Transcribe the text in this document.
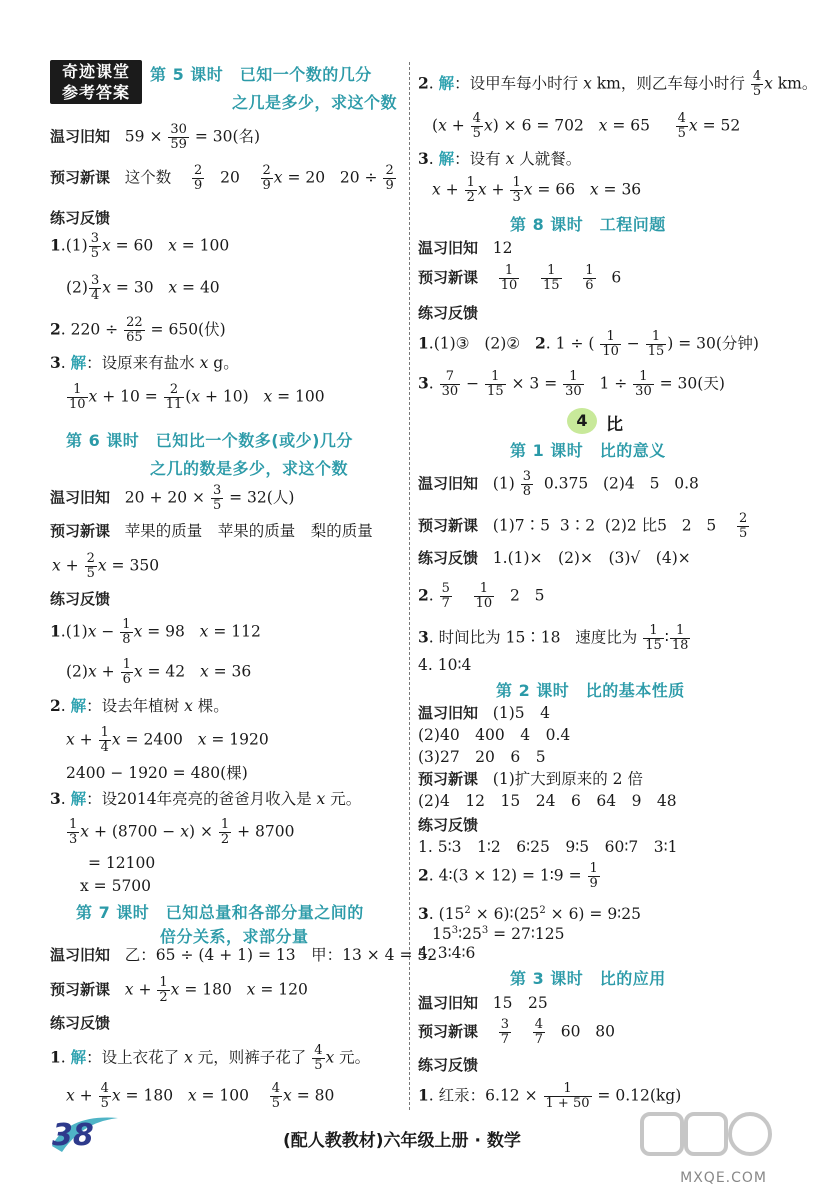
奇迹课堂
参考答案
第 5 课时　已知一个数的几分
之几是多少，求这个数
温习旧知   $59 \times \frac{30}{59} = 30$(名)
预习新课   这个数 $\frac{2}{9} 20 \frac{2}{9}$ x = 20   $20 \div \frac{2}{9}$
练习反馈
$1.(1) \frac{3}{5}$ x = 60   x = 100
$(2) \frac{3}{4}$ x = 30   x = 40
2. $220 \div \frac{22}{65} = 650$(伏)
3. 解：设原来有盐水 x g。
$\frac{1}{10}$ $x + 10 = \frac{2}{11} (x + 10) x = 100$
第 6 课时　已知比一个数多(或少)几分
之几的数是多少，求这个数
温习旧知   $20 + 20 \times \frac{3}{5} = 32$(人)
预习新课 苹果的质量　苹果的质量　梨的质量
$x + \frac{2}{5}$ x = 350
练习反馈
$1.(1)x - \frac{1}{8}$ x = 98   x = 112
$(2)x + \frac{1}{6}$ x = 42   x = 36
2. 解：设去年植树 x 棵。
$x + \frac{1}{4}$ x = 2400   x = 1920
2400 − 1920 = 480(棵)
3. 解：设2014年亮亮的爸爸月收入是 x 元。
$\frac{1}{3}$ $x + (8700 - x) \times \frac{1}{2} + 8700$
= 12100
x = 5700
第 7 课时　已知总量和各部分量之间的
倍分关系，求部分量
温习旧知 乙：65 ÷ (4 + 1) = 13　甲：13 × 4 = 52
预习新课 $x + \frac{1}{2}$ x = 180   x = 120
练习反馈
1. 解：设上衣花了 x 元，则裤子花了 $\frac{4}{5}$ x 元。
$x + \frac{4}{5}$ x = 180   $x = 100 \frac{4}{5}$ x = 80
2. 解：设甲车每小时行 x km，则乙车每小时行 $\frac{4}{5}$ x km。
$(x + \frac{4}{5} x) \times 6 = 702$   $x = 65 \frac{4}{5}$ x = 52
3. 解：设有 x 人就餐。
$x + \frac{1}{2}$ $x + \frac{1}{3}$ x = 66   x = 36
第 8 课时　工程问题
温习旧知 12
预习新课 $\frac{1}{10}$
$\frac{1}{15}$
$\frac{1}{6} 6$
练习反馈
1.(1)③   (2)②   2. 1 ÷ ( $\frac{1}{10} - \frac{1}{15}$ ) = 30(分钟)
3. $\frac{7}{30} - \frac{1}{15} \times 3 = \frac{1}{30} 1 \div \frac{1}{30} = 30$(天)
4	比
第 1 课时　比的意义
温习旧知   $(1) \frac{3}{8} 0.375$   (2)4   5   0.8
预习新课   (1)7∶5  3∶2  (2)2 比5   2   $5 \frac{2}{5}$
练习反馈 1.(1)×　(2)×　(3)√　(4)×
2. $\frac{5}{7}$
$\frac{1}{10} 2$   5
3. 时间比为 15∶18   速度比为 $\frac{1}{15}$ ∶ $\frac{1}{18}$
4. 10∶4
第 2 课时　比的基本性质
温习旧知 (1)5　4
(2)40　400　4　0.4
(3)27　20　6　5
预习新课 (1)扩大到原来的 2 倍
(2)4　12　15　24　6　64　9　48
练习反馈
1. 5∶3　1∶2　6∶25　9∶5　60∶7　3∶1
2. 4∶(3 × 12) = 1∶9 = $\frac{1}{9}$
3. ($15^2$ × $6)∶(25^2 \times 6)$ = 9∶25
$15^3∶25^3$ = 27∶125
4. 3∶4∶6
第 3 课时　比的应用
温习旧知 15　25
预习新课 $\frac{3}{7}$
$\frac{4}{7} 60$   80
练习反馈
1. 红汞：$6.12 \times \frac{1}{1 + 50} = 0.12(kg)$
38	(配人教教材)六年级上册 · 数学
MXQE.COM
